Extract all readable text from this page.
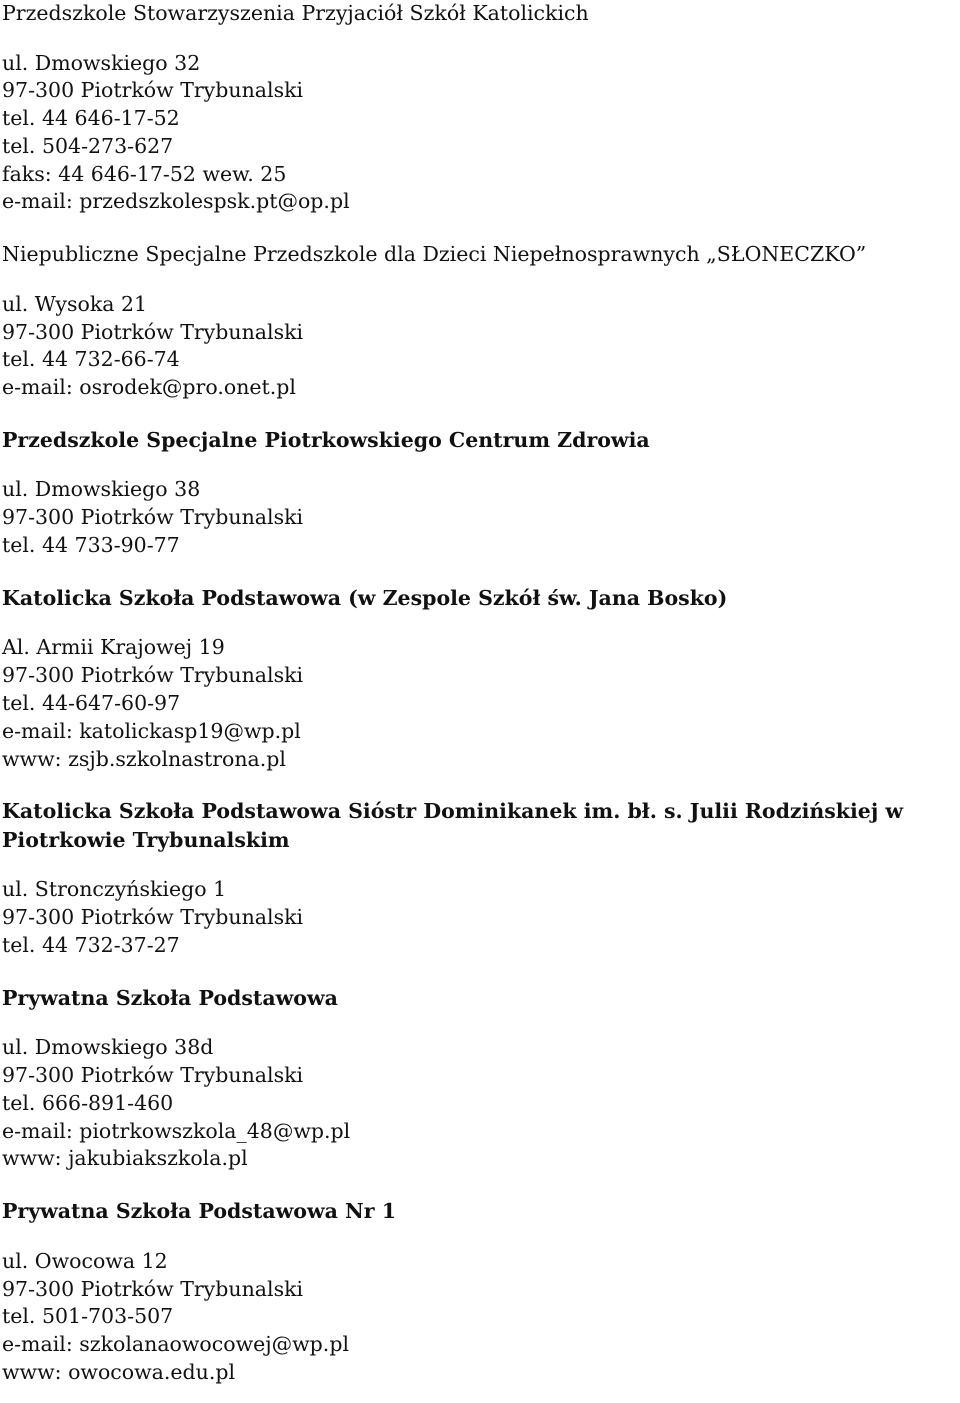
Przedszkole Stowarzyszenia Przyjaciół Szkół Katolickich

ul. Dmowskiego 32

97-300 Piotrków Trybunalski

tel. 44 646-17-52

tel. 504-273-627

faks: 44 646-17-52 wew. 25

e-mail: przedszkolespsk.pt@op.pl

Niepubliczne Specjalne Przedszkole dla Dzieci Niepełnosprawnych „SŁONECZKO”

ul. Wysoka 21

97-300 Piotrków Trybunalski

tel. 44 732-66-74

e-mail: osrodek@pro.onet.pl

Przedszkole Specjalne Piotrkowskiego Centrum Zdrowia

ul. Dmowskiego 38

97-300 Piotrków Trybunalski

tel. 44 733-90-77

Katolicka Szkoła Podstawowa (w Zespole Szkół św. Jana Bosko)

Al. Armii Krajowej 19

97-300 Piotrków Trybunalski

tel. 44-647-60-97

e-mail: katolickasp19@wp.pl

www: zsjb.szkolnastrona.pl

Katolicka Szkoła Podstawowa Sióstr Dominikanek im. bł. s. Julii Rodzińskiej w Piotrkowie Trybunalskim

ul. Stronczyńskiego 1

97-300 Piotrków Trybunalski

tel. 44 732-37-27

Prywatna Szkoła Podstawowa

ul. Dmowskiego 38d

97-300 Piotrków Trybunalski

tel. 666-891-460

e-mail: piotrkowszkola_48@wp.pl

www: jakubiakszkola.pl

Prywatna Szkoła Podstawowa Nr 1

ul. Owocowa 12

97-300 Piotrków Trybunalski

tel. 501-703-507

e-mail: szkolanaowocowej@wp.pl

www: owocowa.edu.pl
